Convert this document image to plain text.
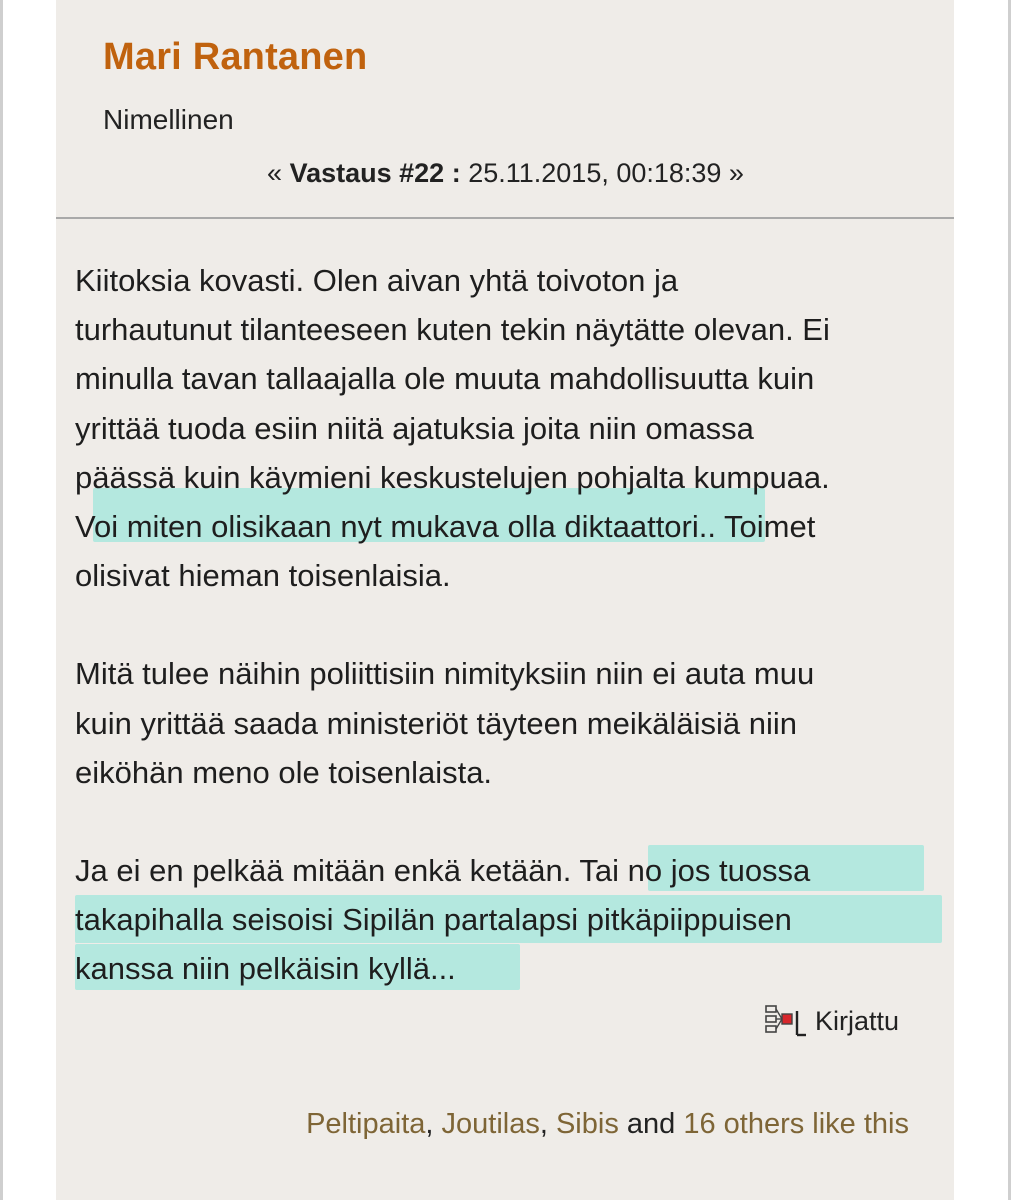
Mari Rantanen
Nimellinen
« Vastaus #22 : 25.11.2015, 00:18:39 »

Kiitoksia kovasti. Olen aivan yhtä toivoton ja

turhautunut tilanteeseen kuten tekin näytätte olevan. Ei

minulla tavan tallaajalla ole muuta mahdollisuutta kuin

yrittää tuoda esiin niitä ajatuksia joita niin omassa

päässä kuin käymieni keskustelujen pohjalta kumpuaa.

Voi miten olisikaan nyt mukava olla diktaattori.. Toimet

olisivat hieman toisenlaisia.

Mitä tulee näihin poliittisiin nimityksiin niin ei auta muu

kuin yrittää saada ministeriöt täyteen meikäläisiä niin

eiköhän meno ole toisenlaista.

Ja ei en pelkää mitään enkä ketään. Tai no jos tuossa

takapihalla seisoisi Sipilän partalapsi pitkäpiippuisen

kanssa niin pelkäisin kyllä...

Kirjattu
Peltipaita, Joutilas, Sibis and 16 others like this
